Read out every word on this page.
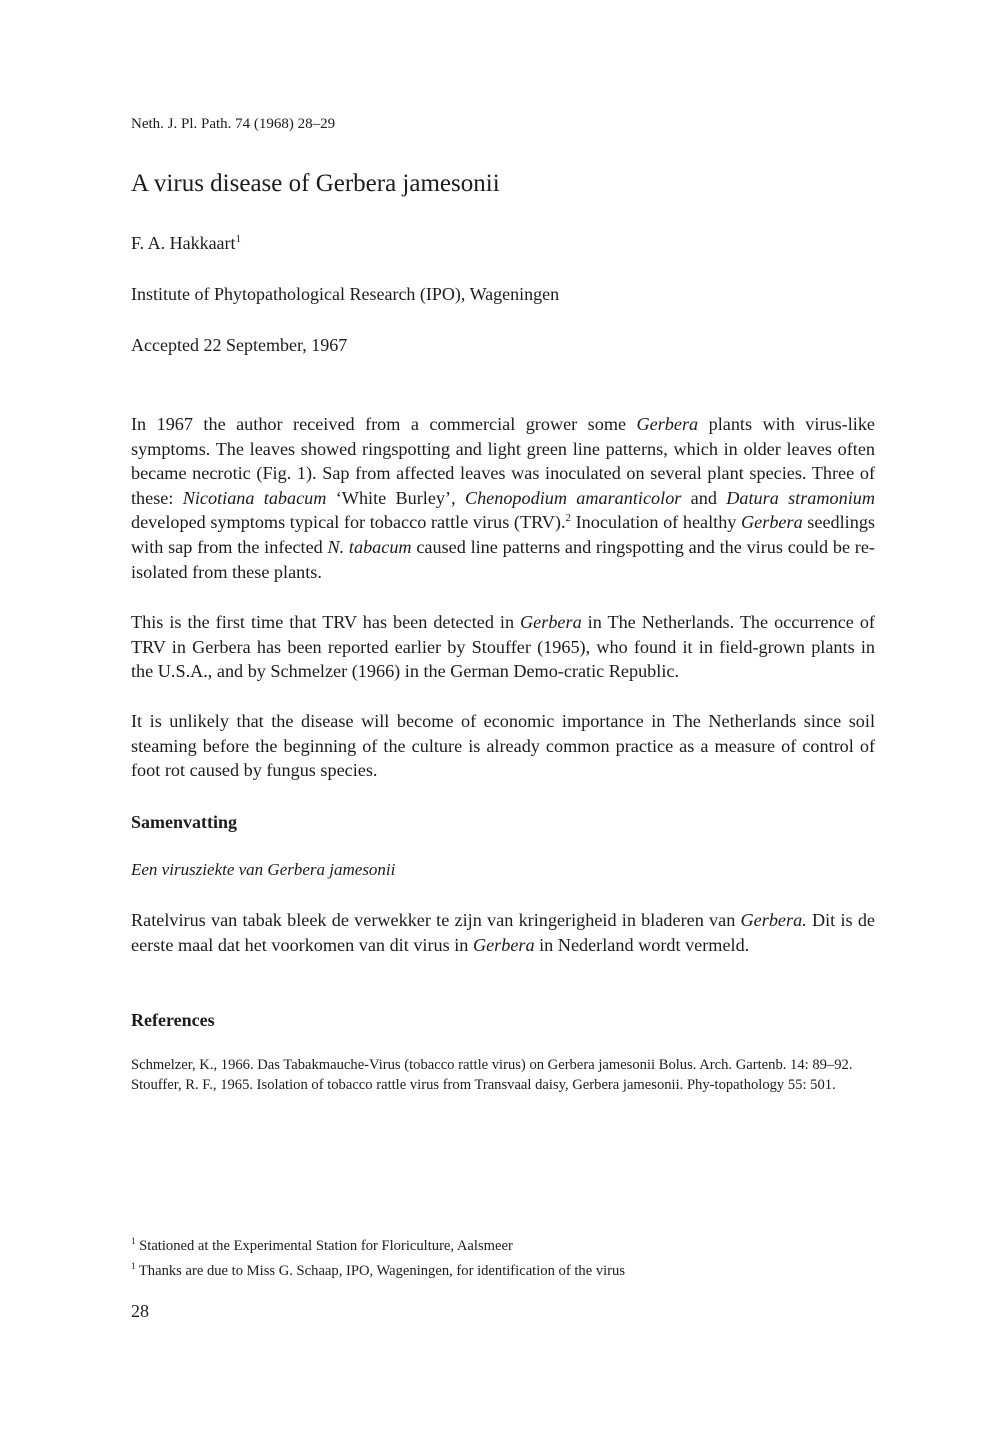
Neth. J. Pl. Path. 74 (1968) 28–29

A virus disease of Gerbera jamesonii

F. A. Hakkaart$^1$

Institute of Phytopathological Research (IPO), Wageningen

Accepted 22 September, 1967

In 1967 the author received from a commercial grower some Gerbera plants with virus-like symptoms. The leaves showed ringspotting and light green line patterns, which in older leaves often became necrotic (Fig. 1). Sap from affected leaves was inoculated on several plant species. Three of these: Nicotiana tabacum ‘White Burley’, Chenopodium amaranticolor and Datura stramonium developed symptoms typical for tobacco rattle virus (TRV).$^2$ Inoculation of healthy Gerbera seedlings with sap from the infected N. tabacum caused line patterns and ringspotting and the virus could be re-isolated from these plants.

This is the first time that TRV has been detected in Gerbera in The Netherlands. The occurrence of TRV in Gerbera has been reported earlier by Stouffer (1965), who found it in field-grown plants in the U.S.A., and by Schmelzer (1966) in the German Demo-cratic Republic.

It is unlikely that the disease will become of economic importance in The Netherlands since soil steaming before the beginning of the culture is already common practice as a measure of control of foot rot caused by fungus species.

Samenvatting

Een virusziekte van Gerbera jamesonii

Ratelvirus van tabak bleek de verwekker te zijn van kringerigheid in bladeren van Gerbera. Dit is de eerste maal dat het voorkomen van dit virus in Gerbera in Nederland wordt vermeld.

References

Schmelzer, K., 1966. Das Tabakmauche-Virus (tobacco rattle virus) on Gerbera jamesonii Bolus. Arch. Gartenb. 14: 89–92.

Stouffer, R. F., 1965. Isolation of tobacco rattle virus from Transvaal daisy, Gerbera jamesonii. Phy-topathology 55: 501.

$^1$ Stationed at the Experimental Station for Floriculture, Aalsmeer

$^1$ Thanks are due to Miss G. Schaap, IPO, Wageningen, for identification of the virus

28
